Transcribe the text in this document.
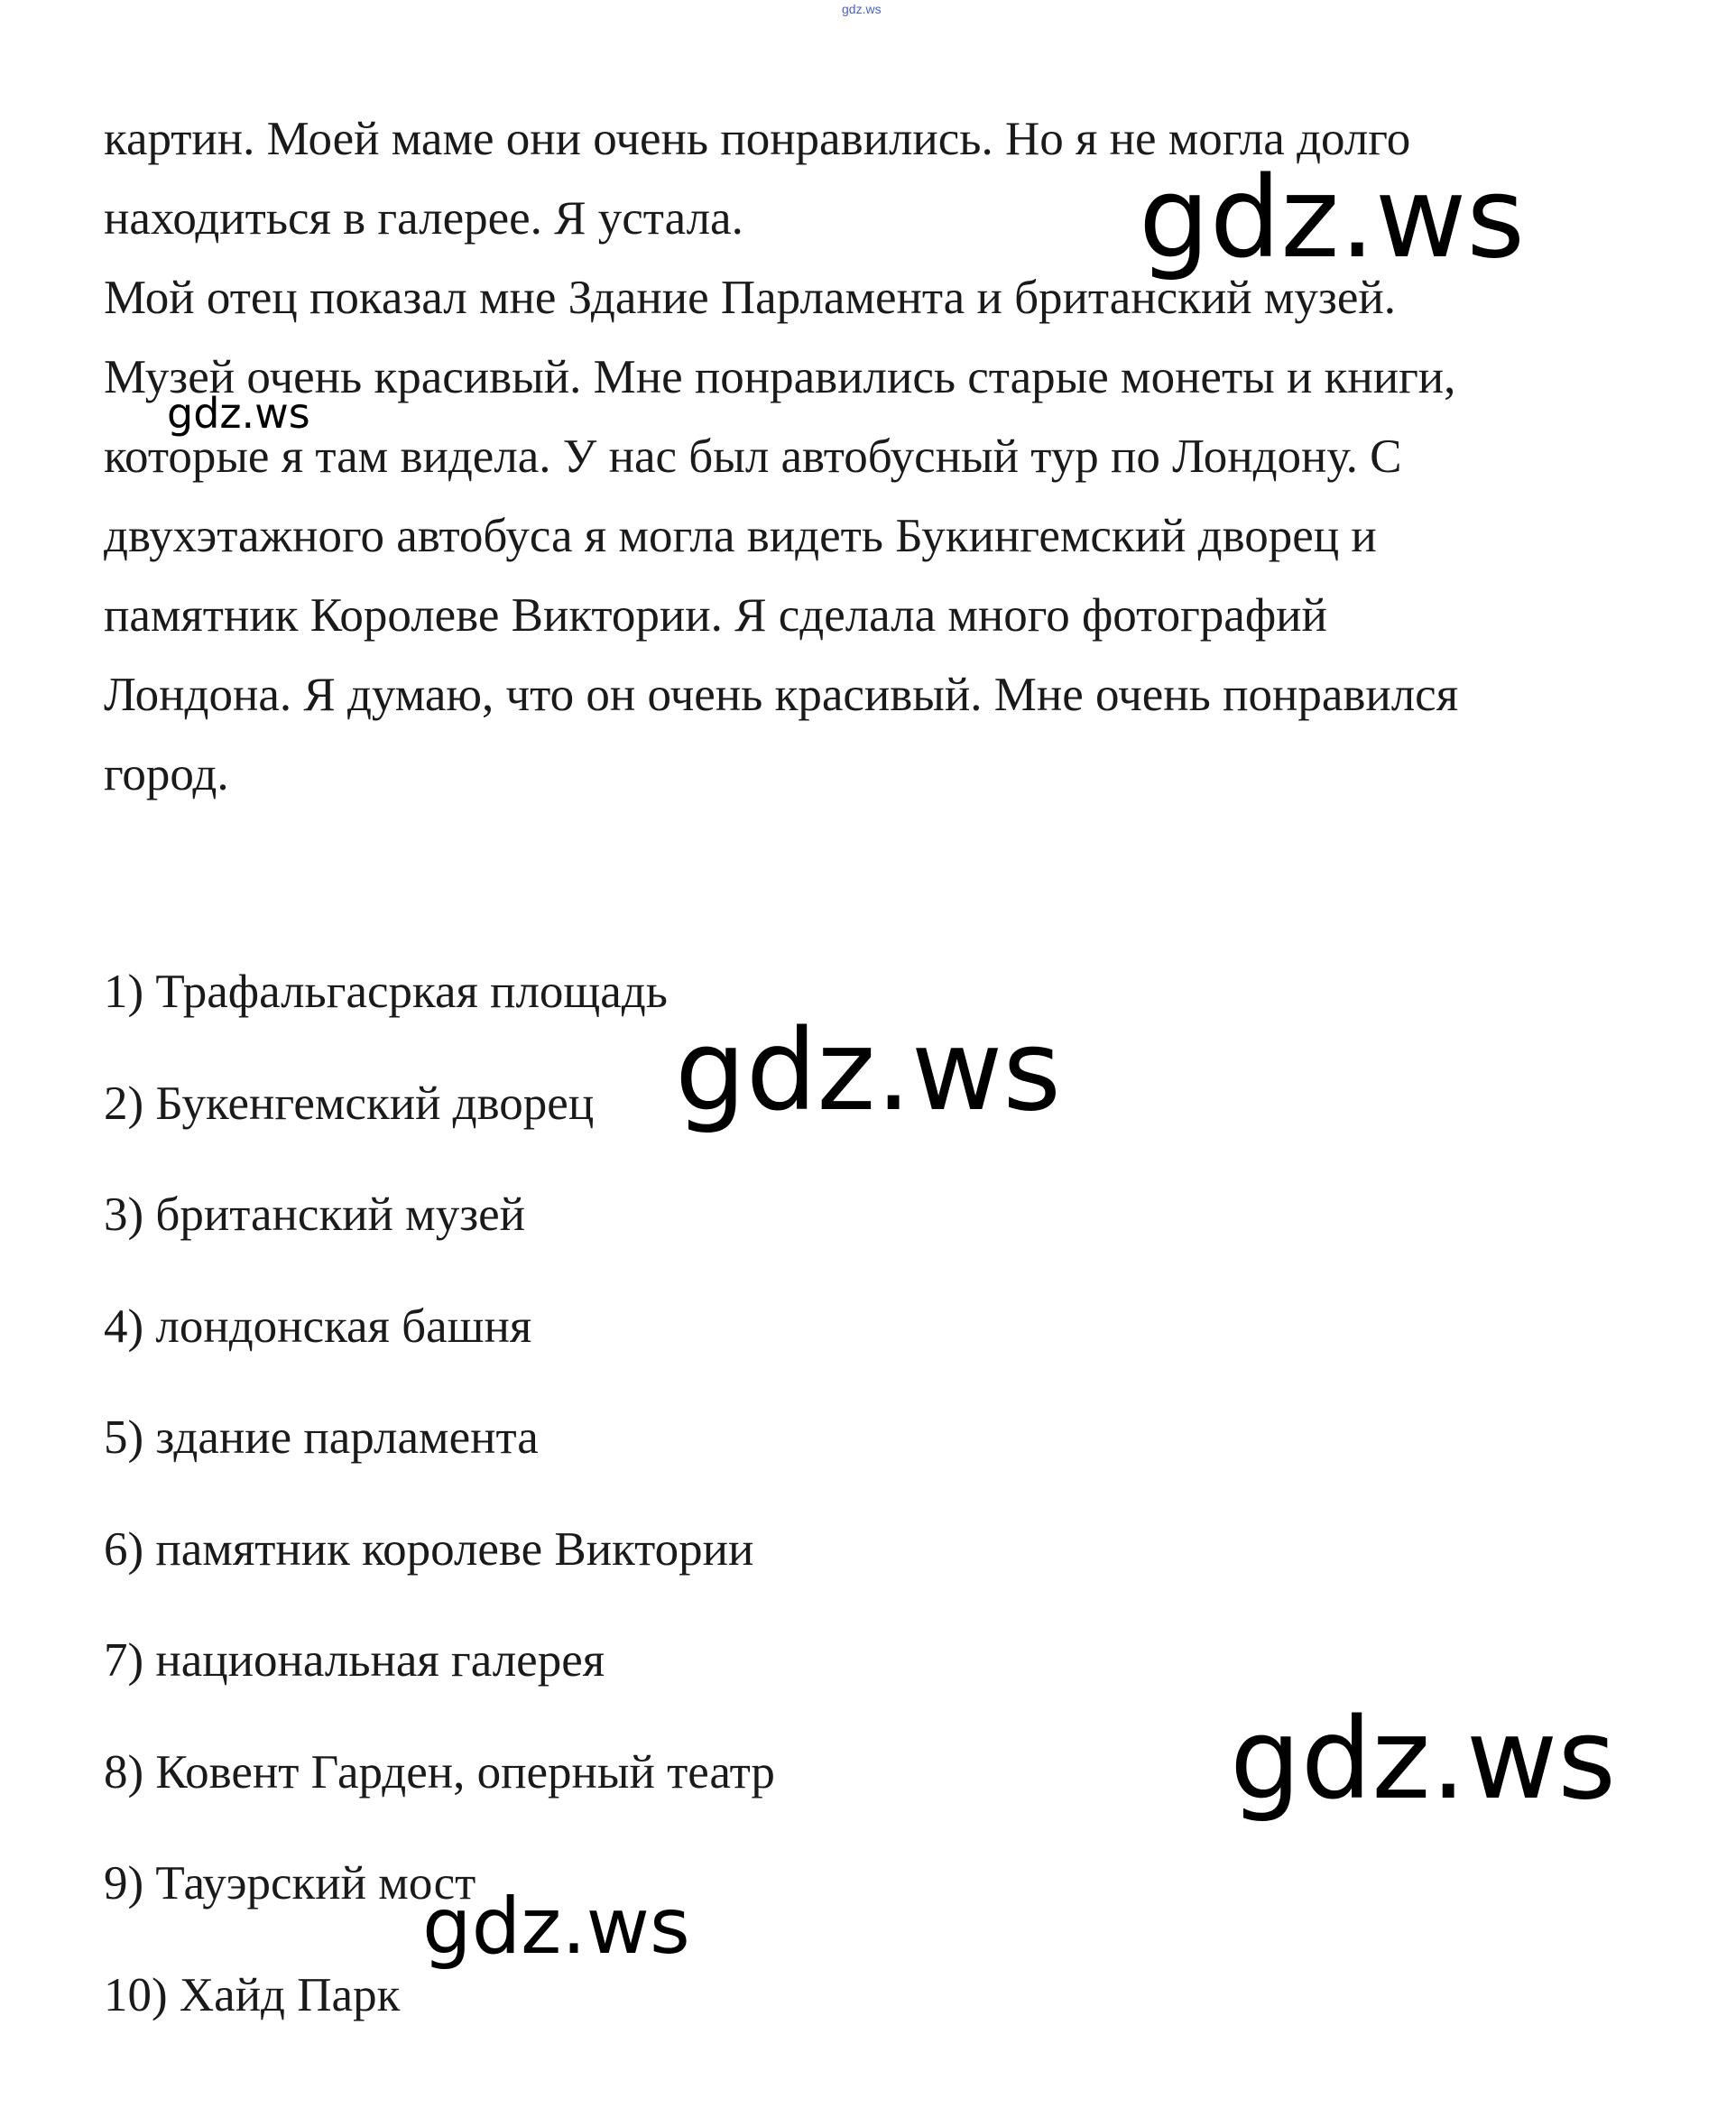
gdz.ws
картин. Моей маме они очень понравились. Но я не могла долго
находиться в галерее. Я устала.
Мой отец показал мне Здание Парламента и британский музей.
Музей очень красивый. Мне понравились старые монеты и книги,
которые я там видела. У нас был автобусный тур по Лондону. С
двухэтажного автобуса я могла видеть Букингемский дворец и
памятник Королеве Виктории. Я сделала много фотографий
Лондона. Я думаю, что он очень красивый. Мне очень понравился
город.
1) Трафальгасркая площадь
2) Букенгемский дворец
3) британский музей
4) лондонская башня
5) здание парламента
6) памятник королеве Виктории
7) национальная галерея
8) Ковент Гарден, оперный театр
9) Тауэрский мост
10) Хайд Парк
gdz.ws
gdz.ws
gdz.ws
gdz.ws
gdz.ws
